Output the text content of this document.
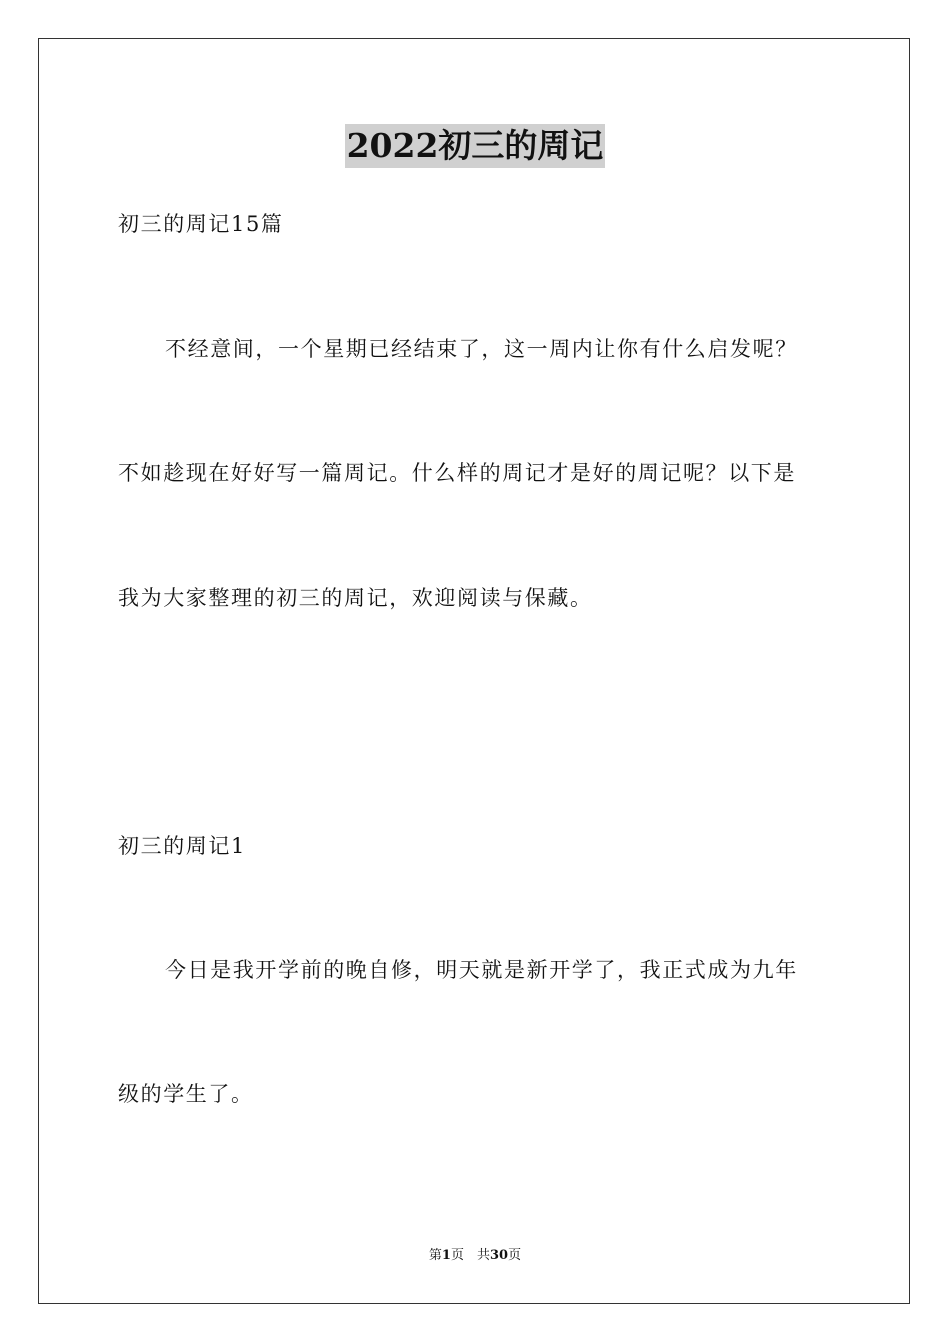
2022初三的周记
初三的周记15篇
不经意间，一个星期已经结束了，这一周内让你有什么启发呢？
不如趁现在好好写一篇周记。什么样的周记才是好的周记呢？以下是
我为大家整理的初三的周记，欢迎阅读与保藏。
初三的周记1
今日是我开学前的晚自修，明天就是新开学了，我正式成为九年
级的学生了。
第1页　共30页
